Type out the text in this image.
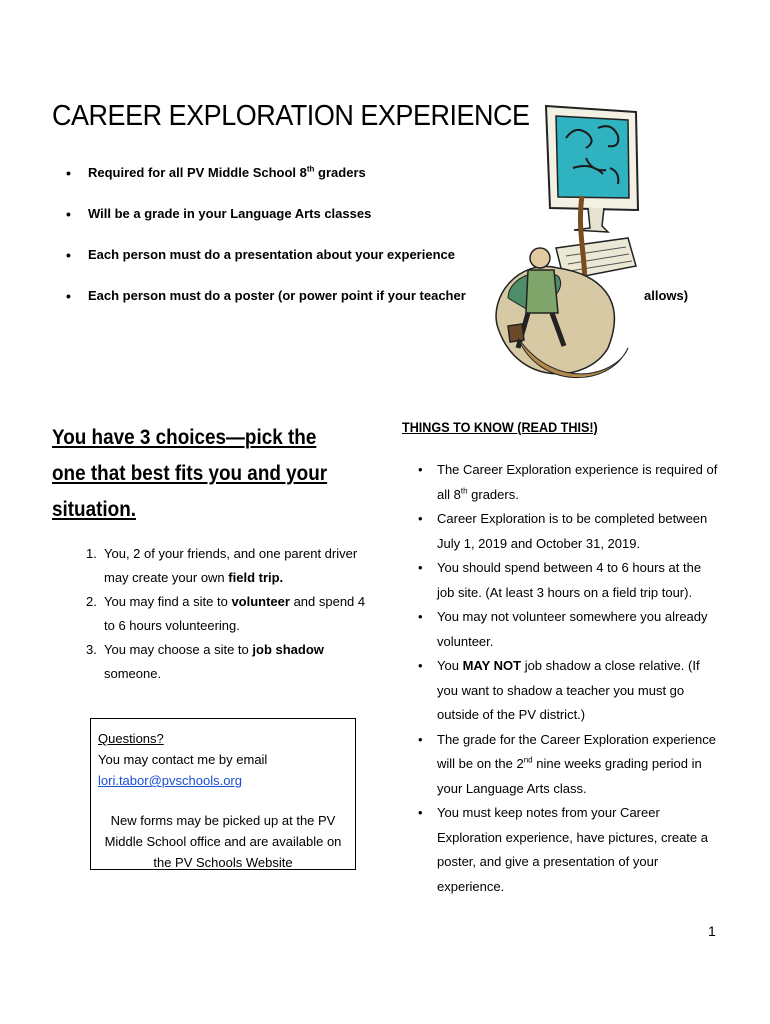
CAREER EXPLORATION EXPERIENCE
• Required for all PV Middle School 8th graders
• Will be a grade in your Language Arts classes
• Each person must do a presentation about your experience
• Each person must do a poster (or power point if your teacher	allows)
You have 3 choices—pick the one that best fits you and your situation.
1. You, 2 of your friends, and one parent driver may create your own field trip.
2. You may find a site to volunteer and spend 4 to 6 hours volunteering.
3. You may choose a site to job shadow someone.
Questions?
You may contact me by email
lori.tabor@pvschools.org
New forms may be picked up at the PV Middle School office and are available on the PV Schools Website
THINGS TO KNOW (READ THIS!)
• The Career Exploration experience is required of all 8th graders.
• Career Exploration is to be completed between July 1, 2019 and October 31, 2019.
• You should spend between 4 to 6 hours at the job site. (At least 3 hours on a field trip tour).
• You may not volunteer somewhere you already volunteer.
• You MAY NOT job shadow a close relative. (If you want to shadow a teacher you must go outside of the PV district.)
• The grade for the Career Exploration experience will be on the 2nd nine weeks grading period in your Language Arts class.
• You must keep notes from your Career Exploration experience, have pictures, create a poster, and give a presentation of your experience.
1
